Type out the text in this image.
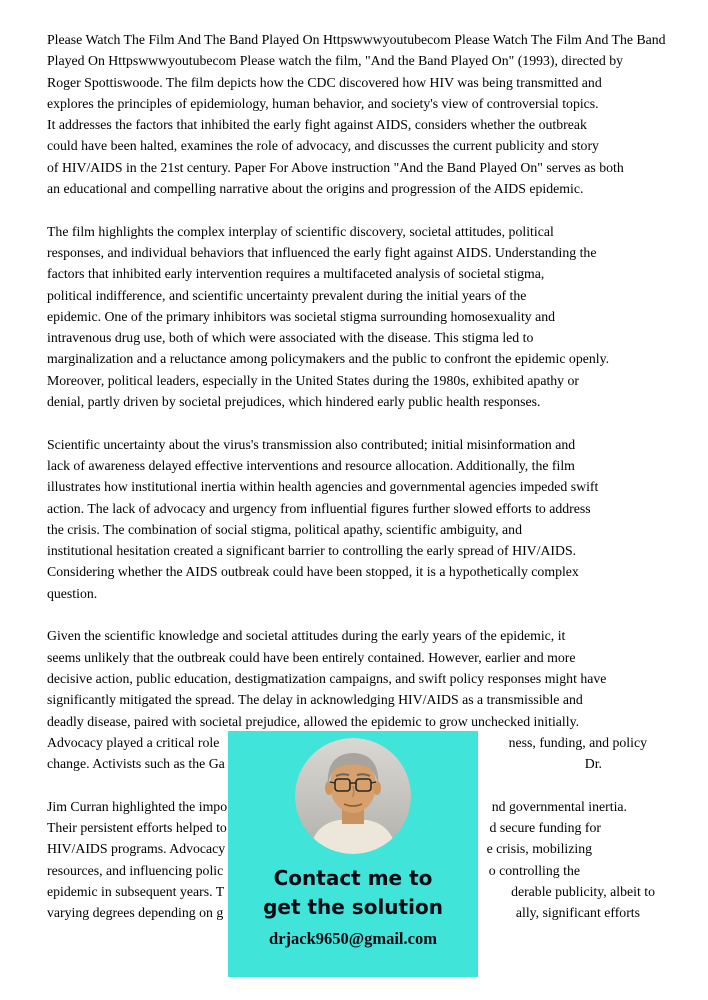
Please Watch The Film And The Band Played On Httpswwwyoutubecom Please Watch The Film And The Band
Played On Httpswwwyoutubecom Please watch the film, "And the Band Played On" (1993), directed by
Roger Spottiswoode. The film depicts how the CDC discovered how HIV was being transmitted and
explores the principles of epidemiology, human behavior, and society's view of controversial topics.
It addresses the factors that inhibited the early fight against AIDS, considers whether the outbreak
could have been halted, examines the role of advocacy, and discusses the current publicity and story
of HIV/AIDS in the 21st century. Paper For Above instruction "And the Band Played On" serves as both
an educational and compelling narrative about the origins and progression of the AIDS epidemic.

The film highlights the complex interplay of scientific discovery, societal attitudes, political
responses, and individual behaviors that influenced the early fight against AIDS. Understanding the
factors that inhibited early intervention requires a multifaceted analysis of societal stigma,
political indifference, and scientific uncertainty prevalent during the initial years of the
epidemic. One of the primary inhibitors was societal stigma surrounding homosexuality and
intravenous drug use, both of which were associated with the disease. This stigma led to
marginalization and a reluctance among policymakers and the public to confront the epidemic openly.
Moreover, political leaders, especially in the United States during the 1980s, exhibited apathy or
denial, partly driven by societal prejudices, which hindered early public health responses.

Scientific uncertainty about the virus's transmission also contributed; initial misinformation and
lack of awareness delayed effective interventions and resource allocation. Additionally, the film
illustrates how institutional inertia within health agencies and governmental agencies impeded swift
action. The lack of advocacy and urgency from influential figures further slowed efforts to address
the crisis. The combination of social stigma, political apathy, scientific ambiguity, and
institutional hesitation created a significant barrier to controlling the early spread of HIV/AIDS.
Considering whether the AIDS outbreak could have been stopped, it is a hypothetically complex
question.

Given the scientific knowledge and societal attitudes during the early years of the epidemic, it
seems unlikely that the outbreak could have been entirely contained. However, earlier and more
decisive action, public education, destigmatization campaigns, and swift policy responses might have
significantly mitigated the spread. The delay in acknowledging HIV/AIDS as a transmissible and
deadly disease, paired with societal prejudice, allowed the epidemic to grow unchecked initially.
Advocacy played a critical role	ness, funding, and policy
change. Activists such as the Ga	Dr.

Jim Curran highlighted the impo	nd governmental inertia.
Their persistent efforts helped to	d secure funding for
HIV/AIDS programs. Advocacy	e crisis, mobilizing
resources, and influencing polic	o controlling the
epidemic in subsequent years. T	derable publicity, albeit to
varying degrees depending on g	ally, significant efforts

Contact me to
get the solution
drjack9650@gmail.com
